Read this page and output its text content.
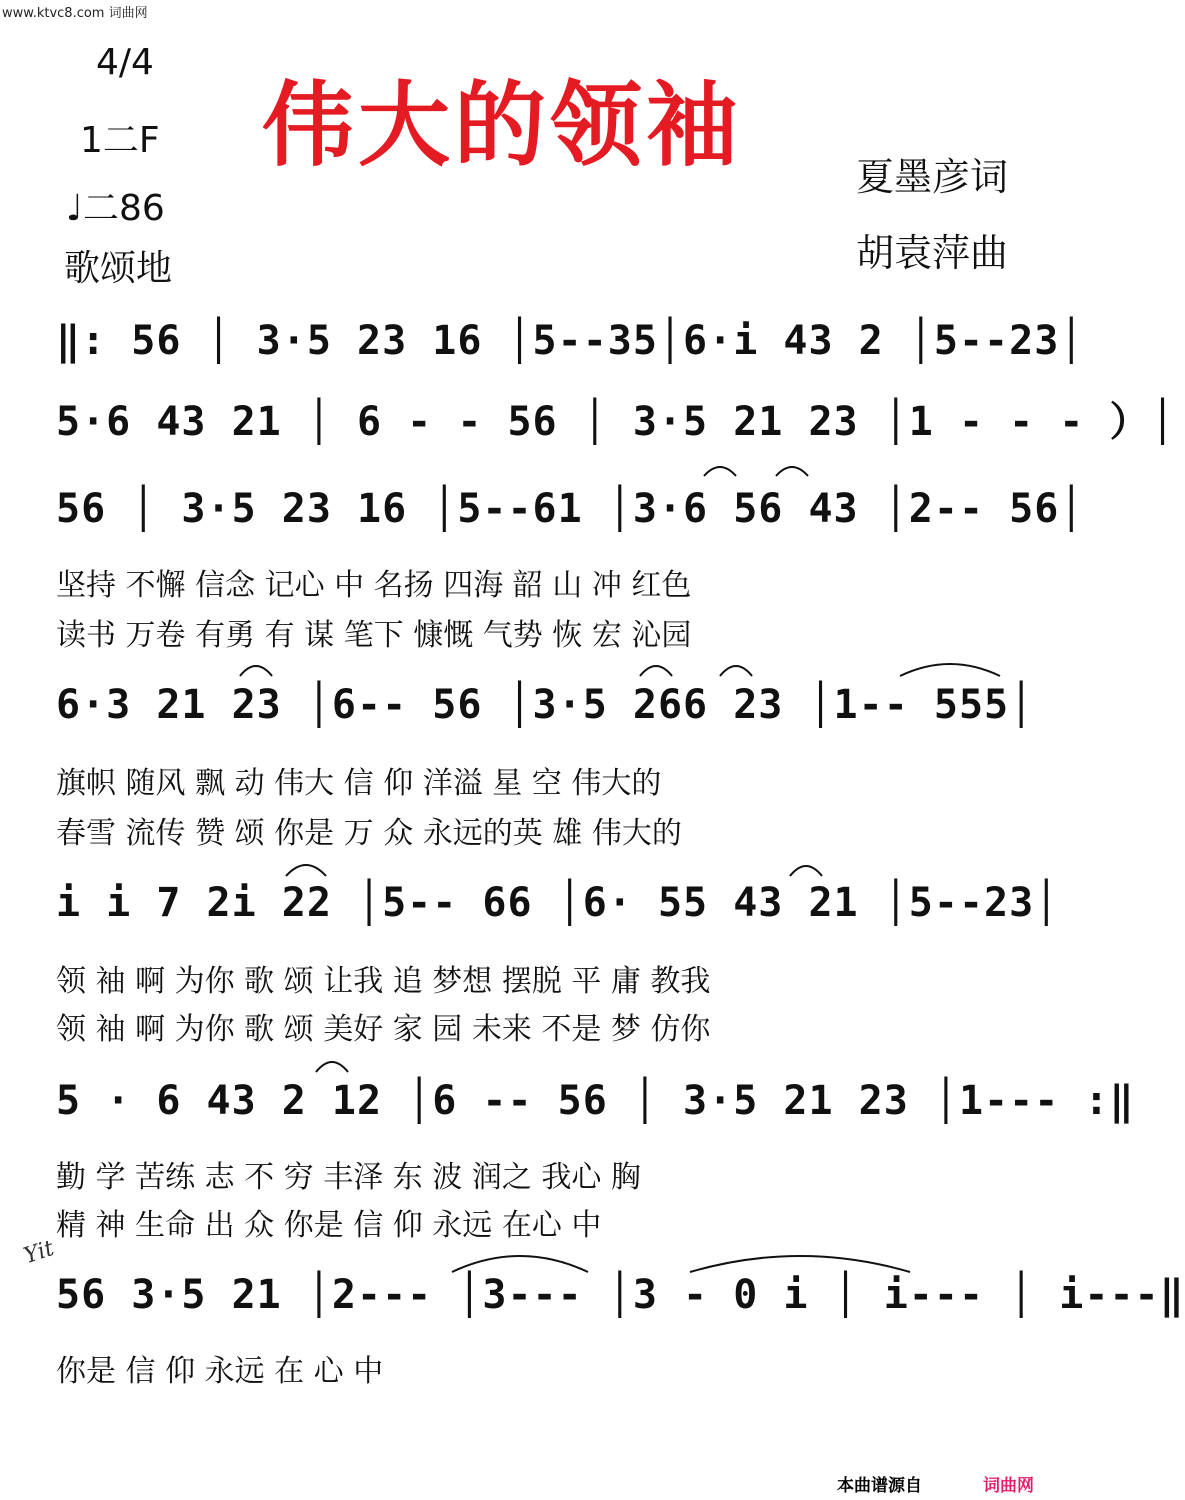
www.ktvc8.com 词曲网
4/4
1二F
♩二86
歌颂地
伟大的领袖	夏墨彦词
胡袁萍曲
‖: 56 │ 3·5 23 16 │5--35│6·i 43 2 │5--23│
5·6 43 21 │ 6 - - 56 │ 3·5 21 23 │1 - - - ）│
56 │ 3·5 23 16 │5--61 │3·6 56 43 │2-- 56│
坚持 不懈 信念 记心 中 名扬 四海 韶 山 冲 红色
读书 万卷 有勇 有 谋 笔下 慷慨 气势 恢 宏 沁园
6·3 21 23 │6-- 56 │3·5 266 23 │1-- 555│
旗帜 随风 飘 动 伟大 信 仰 洋溢 星 空 伟大的
春雪 流传 赞 颂 你是 万 众 永远的英 雄 伟大的
i i 7 2i 22 │5-- 66 │6· 55 43 21 │5--23│
领 袖 啊 为你 歌 颂 让我 追 梦想 摆脱 平 庸 教我
领 袖 啊 为你 歌 颂 美好 家 园 未来 不是 梦 仿你
5 · 6 43 2 12 │6 -- 56 │ 3·5 21 23 │1--- :‖
勤 学 苦练 志 不 穷 丰泽 东 波 润之 我心 胸
精 神 生命 出 众 你是 信 仰 永远 在心 中
Yit
56 3·5 21 │2--- │3--- │3 - 0 i │ i--- │ i---‖
你是 信 仰 永远 在 心 中
本曲谱源自	词曲网
